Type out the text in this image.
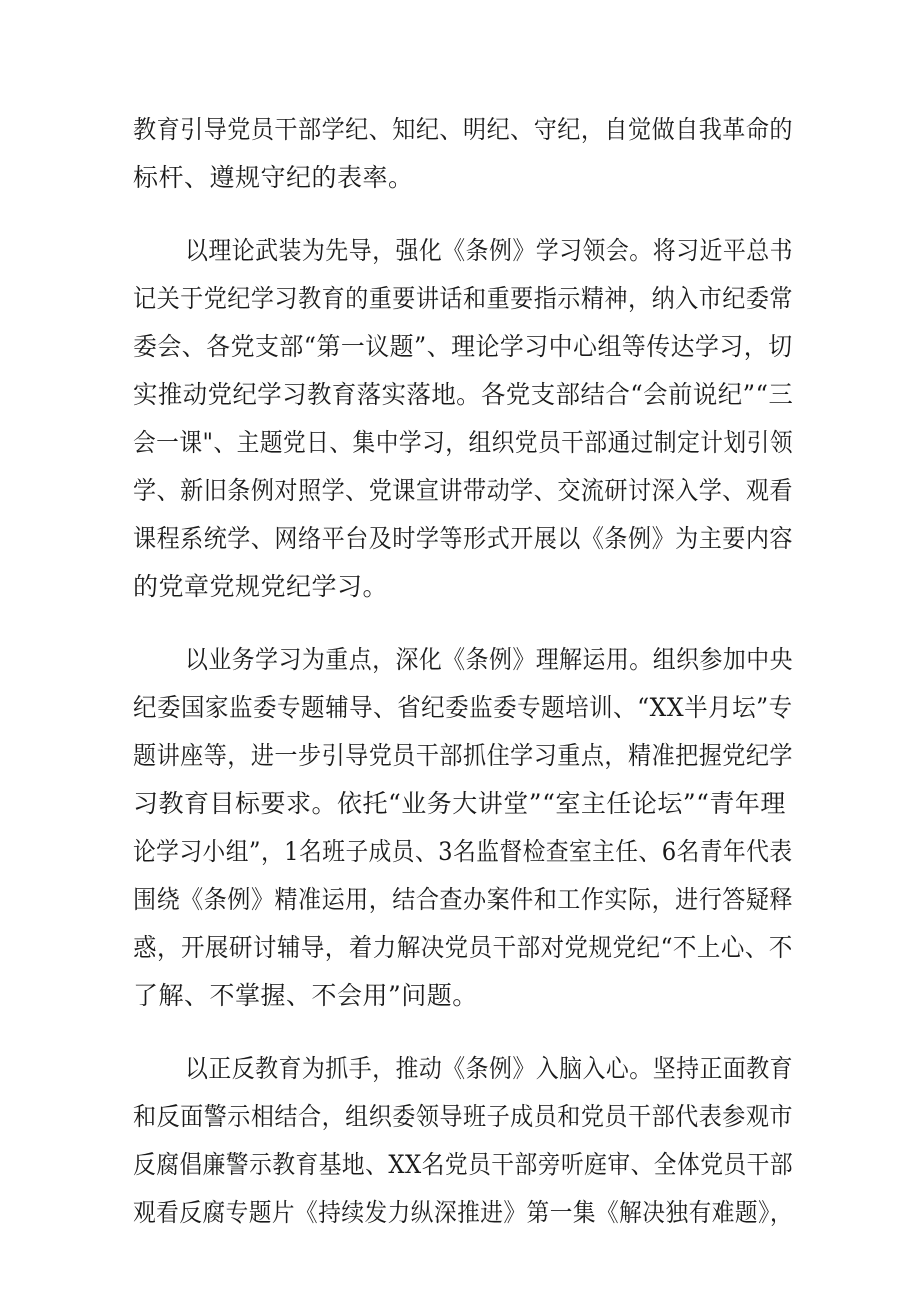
教育引导党员干部学纪、知纪、明纪、守纪，自觉做自我革命的
标杆、遵规守纪的表率。
以理论武装为先导，强化《条例》学习领会。将习近平总书
记关于党纪学习教育的重要讲话和重要指示精神，纳入市纪委常
委会、各党支部“第一议题”、理论学习中心组等传达学习，切
实推动党纪学习教育落实落地。各党支部结合“会前说纪”“三
会一课"、主题党日、集中学习，组织党员干部通过制定计划引领
学、新旧条例对照学、党课宣讲带动学、交流研讨深入学、观看
课程系统学、网络平台及时学等形式开展以《条例》为主要内容
的党章党规党纪学习。
以业务学习为重点，深化《条例》理解运用。组织参加中央
纪委国家监委专题辅导、省纪委监委专题培训、“XX半月坛”专
题讲座等，进一步引导党员干部抓住学习重点，精准把握党纪学
习教育目标要求。依托“业务大讲堂”“室主任论坛”“青年理
论学习小组”，1名班子成员、3名监督检查室主任、6名青年代表
围绕《条例》精准运用，结合查办案件和工作实际，进行答疑释
惑，开展研讨辅导，着力解决党员干部对党规党纪“不上心、不
了解、不掌握、不会用”问题。
以正反教育为抓手，推动《条例》入脑入心。坚持正面教育
和反面警示相结合，组织委领导班子成员和党员干部代表参观市
反腐倡廉警示教育基地、XX名党员干部旁听庭审、全体党员干部
观看反腐专题片《持续发力纵深推进》第一集《解决独有难题》，
